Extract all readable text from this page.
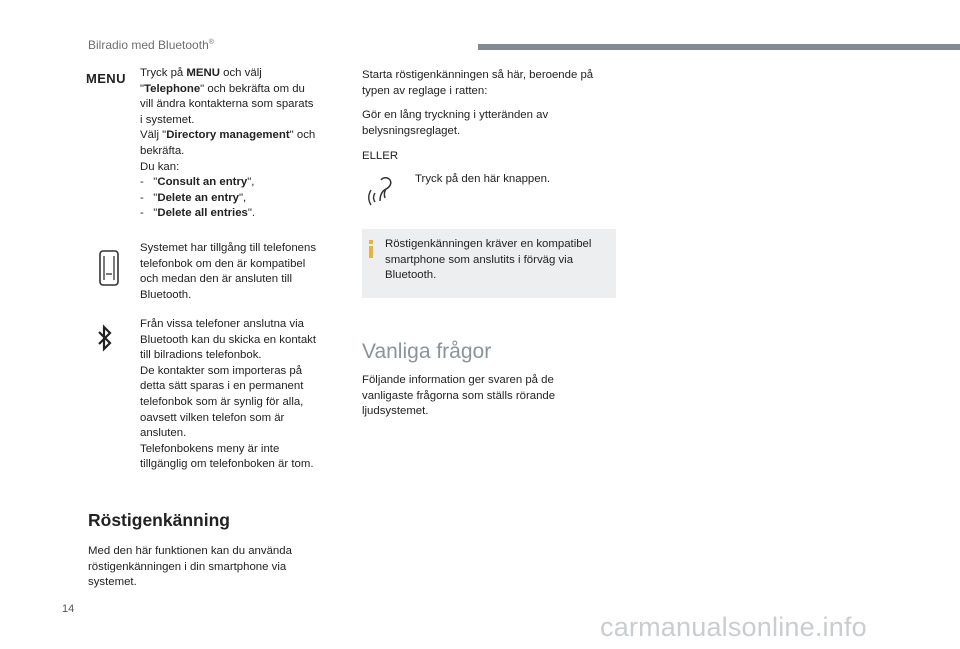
Bilradio med Bluetooth®
MENU Tryck på MENU och välj

"Telephone" och bekräfta om du

vill ändra kontakterna som sparats

i systemet.

Välj "Directory management" och

bekräfta.

Du kan:

- "Consult an entry",

- "Delete an entry",

- "Delete all entries".

Systemet har tillgång till telefonens

telefonbok om den är kompatibel

och medan den är ansluten till

Bluetooth.

Från vissa telefoner anslutna via

Bluetooth kan du skicka en kontakt

till bilradions telefonbok.

De kontakter som importeras på

detta sätt sparas i en permanent

telefonbok som är synlig för alla,

oavsett vilken telefon som är

ansluten.

Telefonbokens meny är inte

tillgänglig om telefonboken är tom.

Röstigenkänning

Med den här funktionen kan du använda

röstigenkänningen i din smartphone via

systemet.

Starta röstigenkänningen så här, beroende på

typen av reglage i ratten:

Gör en lång tryckning i ytteränden av

belysningsreglaget.

ELLER
Tryck på den här knappen.

Röstigenkänningen kräver en kompatibel

smartphone som anslutits i förväg via

Bluetooth.

Vanliga frågor

Följande information ger svaren på de

vanligaste frågorna som ställs rörande

ljudsystemet.

14
carmanualsonline.info
